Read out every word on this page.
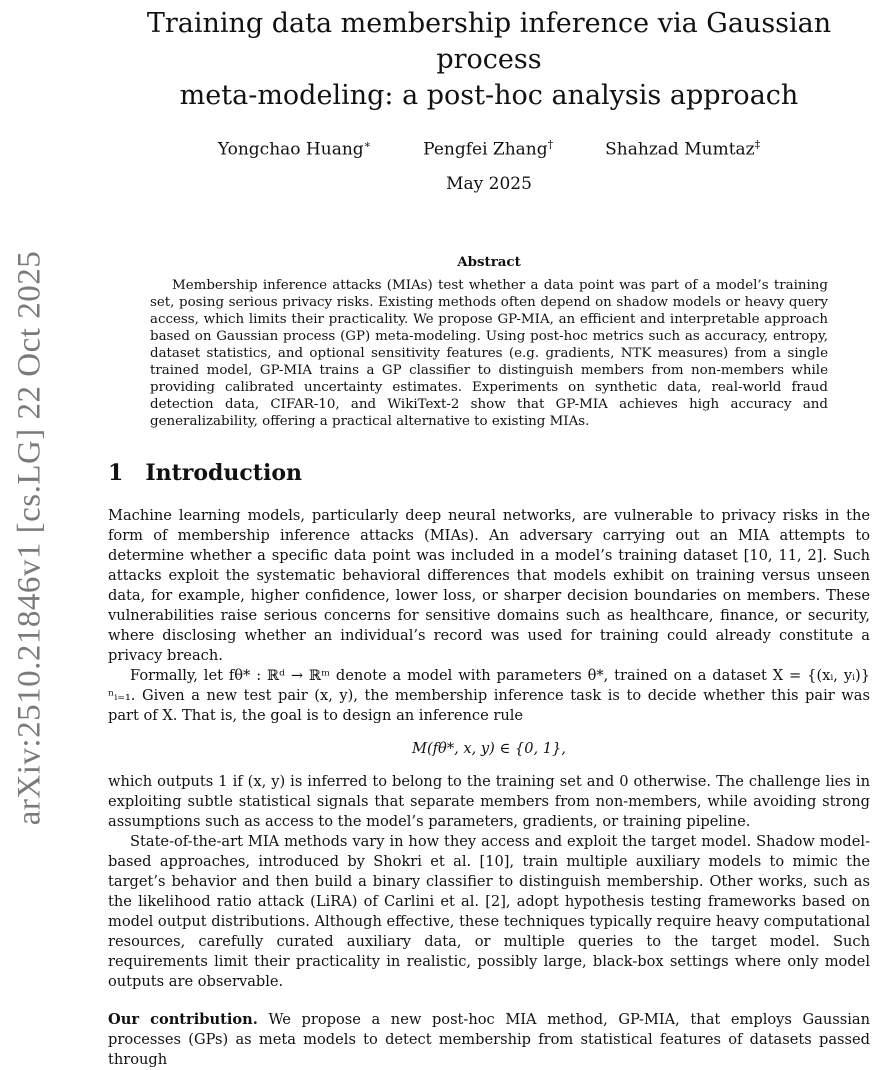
arXiv:2510.21846v1 [cs.LG] 22 Oct 2025
Training data membership inference via Gaussian process
meta-modeling: a post-hoc analysis approach
Yongchao Huang∗	Pengfei Zhang†	Shahzad Mumtaz‡
May 2025
Abstract
Membership inference attacks (MIAs) test whether a data point was part of a model’s training set, posing serious privacy risks. Existing methods often depend on shadow models or heavy query access, which limits their practicality. We propose GP-MIA, an efficient and interpretable approach based on Gaussian process (GP) meta-modeling. Using post-hoc metrics such as accuracy, entropy, dataset statistics, and optional sensitivity features (e.g. gradients, NTK measures) from a single trained model, GP-MIA trains a GP classifier to distinguish members from non-members while providing calibrated uncertainty estimates. Experiments on synthetic data, real-world fraud detection data, CIFAR-10, and WikiText-2 show that GP-MIA achieves high accuracy and generalizability, offering a practical alternative to existing MIAs.
1 Introduction

Machine learning models, particularly deep neural networks, are vulnerable to privacy risks in the form of membership inference attacks (MIAs). An adversary carrying out an MIA attempts to determine whether a specific data point was included in a model’s training dataset [10, 11, 2]. Such attacks exploit the systematic behavioral differences that models exhibit on training versus unseen data, for example, higher confidence, lower loss, or sharper decision boundaries on members. These vulnerabilities raise serious concerns for sensitive domains such as healthcare, finance, or security, where disclosing whether an individual’s record was used for training could already constitute a privacy breach.

Formally, let fθ* : ℝᵈ → ℝᵐ denote a model with parameters θ*, trained on a dataset X = {(xᵢ, yᵢ)}ⁿᵢ₌₁. Given a new test pair (x, y), the membership inference task is to decide whether this pair was part of X. That is, the goal is to design an inference rule

M(fθ*, x, y) ∈ {0, 1},

which outputs 1 if (x, y) is inferred to belong to the training set and 0 otherwise. The challenge lies in exploiting subtle statistical signals that separate members from non-members, while avoiding strong assumptions such as access to the model’s parameters, gradients, or training pipeline.

State-of-the-art MIA methods vary in how they access and exploit the target model. Shadow model-based approaches, introduced by Shokri et al. [10], train multiple auxiliary models to mimic the target’s behavior and then build a binary classifier to distinguish membership. Other works, such as the likelihood ratio attack (LiRA) of Carlini et al. [2], adopt hypothesis testing frameworks based on model output distributions. Although effective, these techniques typically require heavy computational resources, carefully curated auxiliary data, or multiple queries to the target model. Such requirements limit their practicality in realistic, possibly large, black-box settings where only model outputs are observable.

Our contribution. We propose a new post-hoc MIA method, GP-MIA, that employs Gaussian processes (GPs) as meta models to detect membership from statistical features of datasets passed through
